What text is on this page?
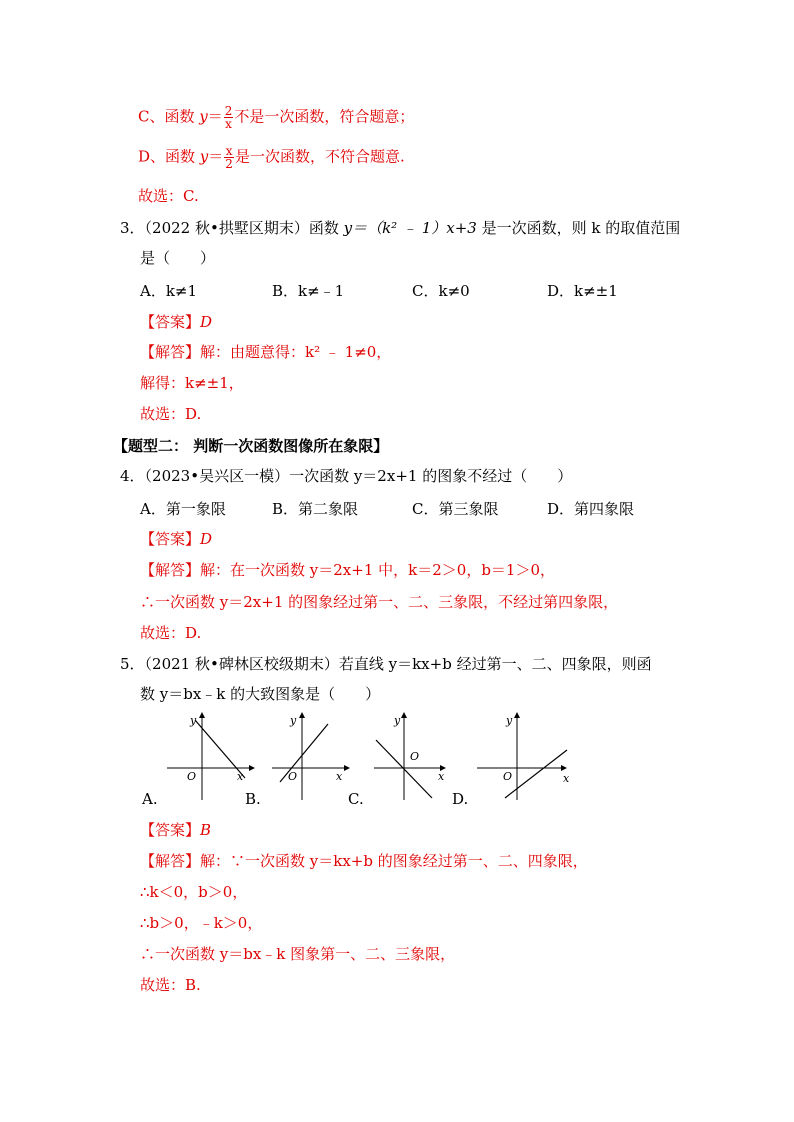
C、函数 $y= \frac{2}{x}$ 不是一次函数，符合题意；
D、函数 $y= \frac{x}{2}$ 是一次函数，不符合题意.
故选：C.
3．（2022 秋•拱墅区期末）函数 y＝（k² ﹣ 1）x+3 是一次函数，则 k 的取值范围
是（　　）
A．k≠1	B．k≠﹣1	C．k≠0	D．k≠±1
【答案】D
【解答】解：由题意得：k² ﹣ 1≠0，
解得：k≠±1，
故选：D.
【题型二： 判断一次函数图像所在象限】
4．（2023•吴兴区一模）一次函数 y＝2x+1 的图象不经过（　　）
A．第一象限	B．第二象限	C．第三象限	D．第四象限
【答案】D
【解答】解：在一次函数 y＝2x+1 中，k＝2＞0，b＝1＞0，
∴一次函数 y＝2x+1 的图象经过第一、二、三象限，不经过第四象限，
故选：D.
5．（2021 秋•碑林区校级期末）若直线 y＝kx+b 经过第一、二、四象限，则函
数 y＝bx﹣k 的大致图象是（　　）
y
x
O
A.
y
x
O
B.
y
x
O
C.
y
x
O
D.
【答案】B
【解答】解：∵一次函数 y＝kx+b 的图象经过第一、二、四象限，
∴k＜0，b＞0，
∴b＞0，﹣k＞0，
∴一次函数 y＝bx﹣k 图象第一、二、三象限，
故选：B.
